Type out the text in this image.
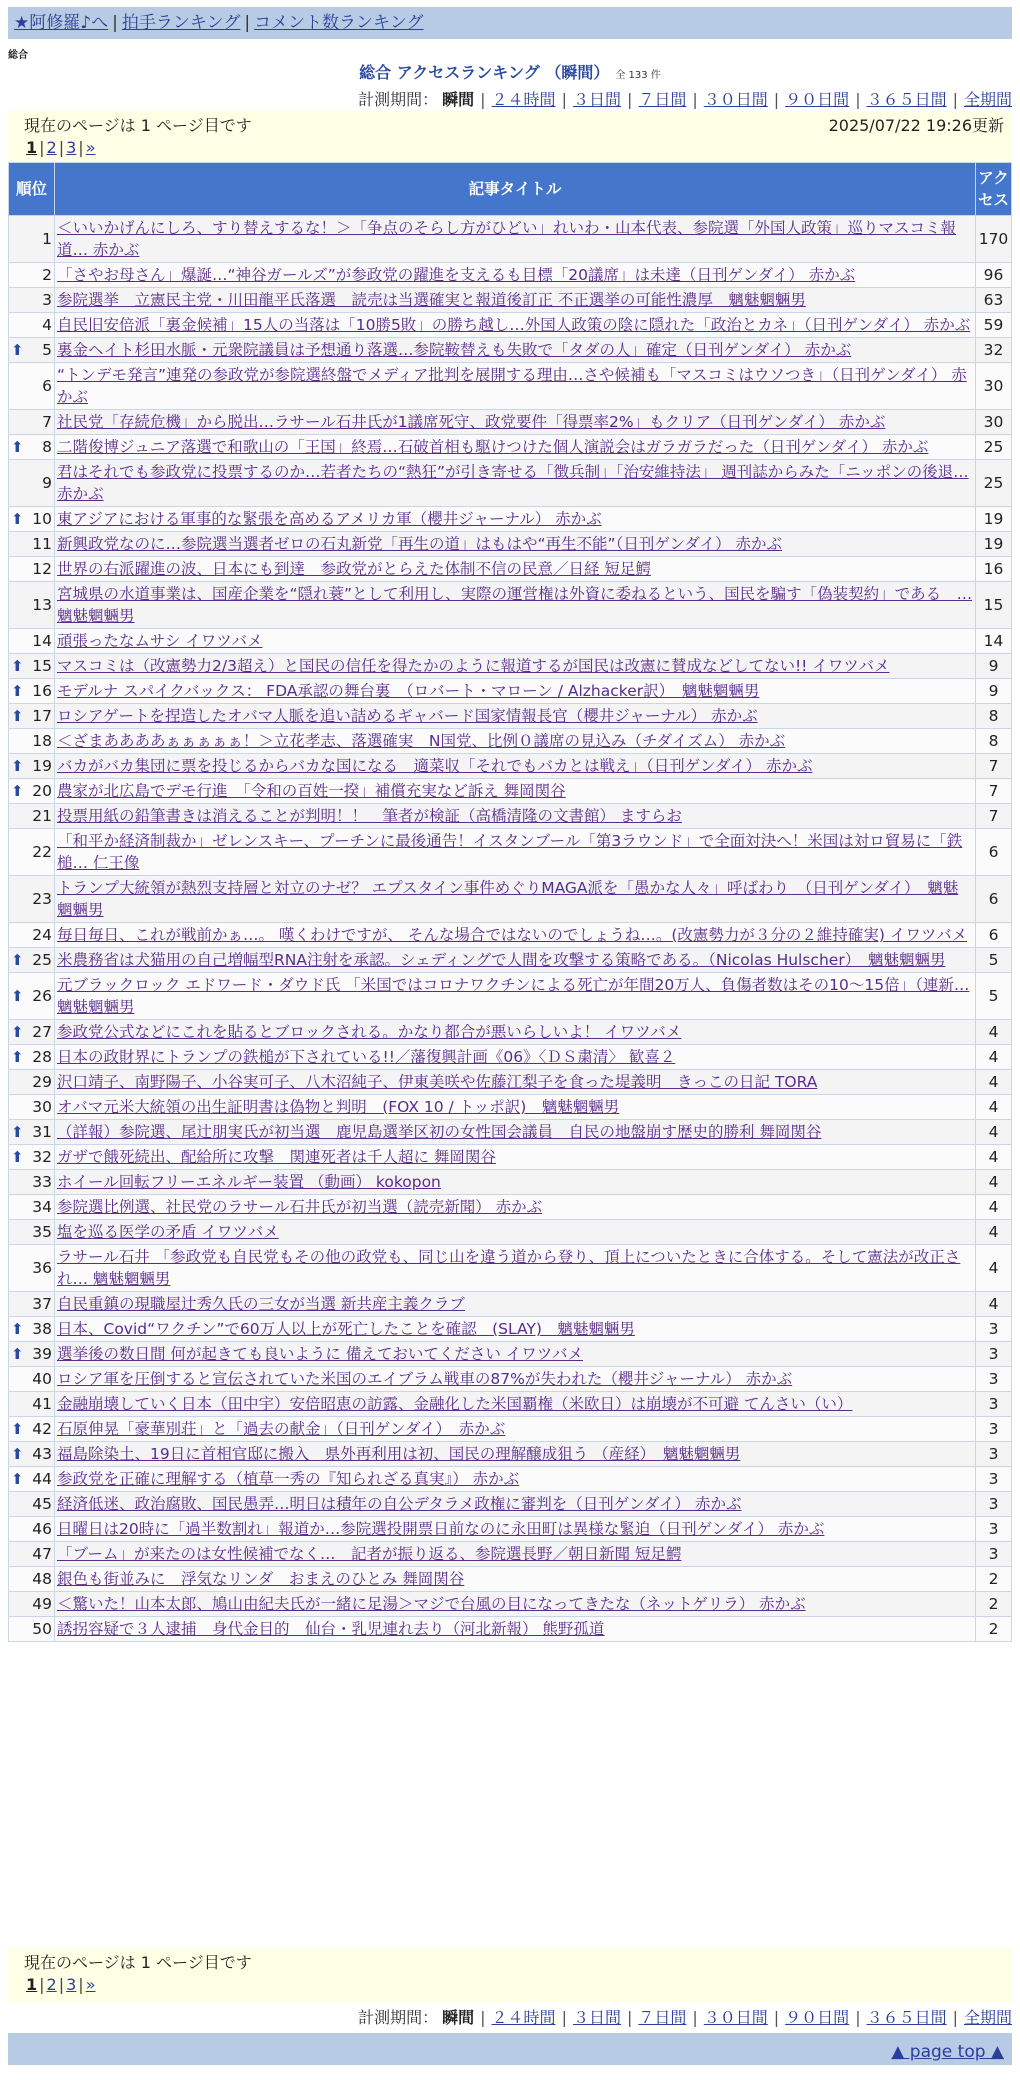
★阿修羅♪へ | 拍手ランキング | コメント数ランキング
総合
総合 アクセスランキング （瞬間） 全 133 件
計測期間： 瞬間 | ２４時間 | ３日間 | ７日間 | ３０日間 | ９０日間 | ３６５日間 | 全期間
現在のページは 1 ページ目です	2025/07/22 19:26更新
1 | 2 | 3 | »
順位	記事タイトル	アクセス
1	＜いいかげんにしろ、すり替えするな！＞「争点のそらし方がひどい」れいわ・山本代表、参院選「外国人政策」巡りマスコミ報道… 赤かぶ	170
2	「さやお母さん」爆誕…“神谷ガールズ”が参政党の躍進を支えるも目標「20議席」は未達（日刊ゲンダイ） 赤かぶ	96
3	参院選挙　立憲民主党・川田龍平氏落選　読売は当選確実と報道後訂正 不正選挙の可能性濃厚　魑魅魍魎男	63
4	自民旧安倍派「裏金候補」15人の当落は「10勝5敗」の勝ち越し…外国人政策の陰に隠れた「政治とカネ」（日刊ゲンダイ） 赤かぶ	59

⬆ 5	裏金ヘイト杉田水脈・元衆院議員は予想通り落選…参院鞍替えも失敗で「タダの人」確定（日刊ゲンダイ） 赤かぶ	32
6	“トンデモ発言”連発の参政党が参院選終盤でメディア批判を展開する理由…さや候補も「マスコミはウソつき」（日刊ゲンダイ） 赤かぶ	30
7	社民党「存続危機」から脱出…ラサール石井氏が1議席死守、政党要件「得票率2%」もクリア（日刊ゲンダイ） 赤かぶ	30

⬆ 8	二階俊博ジュニア落選で和歌山の「王国」終焉…石破首相も駆けつけた個人演説会はガラガラだった（日刊ゲンダイ） 赤かぶ	25
9	君はそれでも参政党に投票するのか…若者たちの“熱狂”が引き寄せる「徴兵制」「治安維持法」 週刊誌からみた「ニッポンの後退… 赤かぶ	25

⬆ 10	東アジアにおける軍事的な緊張を高めるアメリカ軍（櫻井ジャーナル） 赤かぶ	19
11	新興政党なのに…参院選当選者ゼロの石丸新党「再生の道」はもはや“再生不能”（日刊ゲンダイ） 赤かぶ	19
12	世界の右派躍進の波、日本にも到達　参政党がとらえた体制不信の民意／日経 短足鰐	16
13	宮城県の水道事業は、国産企業を“隠れ蓑”として利用し、実際の運営権は外資に委ねるという、国民を騙す「偽装契約」である　… 魑魅魍魎男	15
14	頑張ったなムサシ イワツバメ	14

⬆ 15	マスコミは（改憲勢力2/3超え）と国民の信任を得たかのように報道するが国民は改憲に賛成などしてない!! イワツバメ	9

⬆ 16	モデルナ スパイクバックス： FDA承認の舞台裏　（ロバート・マローン / Alzhacker訳）　魑魅魍魎男	9

⬆ 17	ロシアゲートを捏造したオバマ人脈を追い詰めるギャバード国家情報長官（櫻井ジャーナル） 赤かぶ	8
18	＜ざまああああぁぁぁぁぁ！＞立花孝志、落選確実　N国党、比例０議席の見込み（チダイズム） 赤かぶ	8

⬆ 19	バカがバカ集団に票を投じるからバカな国になる　適菜収「それでもバカとは戦え」（日刊ゲンダイ） 赤かぶ	7

⬆ 20	農家が北広島でデモ行進　「令和の百姓一揆」補償充実など訴え 舞岡関谷	7
21	投票用紙の鉛筆書きは消えることが判明！！　筆者が検証（高橋清隆の文書館） ますらお	7
22	「和平か経済制裁か」ゼレンスキー、プーチンに最後通告！イスタンブール「第3ラウンド」で全面対決へ！米国は対ロ貿易に「鉄槌… 仁王像	6
23	トランプ大統領が熱烈支持層と対立のナゼ？ エプスタイン事件めぐりMAGA派を「愚かな人々」呼ばわり　（日刊ゲンダイ）　魑魅魍魎男	6
24	毎日毎日、これが戦前かぁ…。 嘆くわけですが、 そんな場合ではないのでしょうね…。(改憲勢力が３分の２維持確実) イワツバメ	6

⬆ 25	米農務省は犬猫用の自己増幅型RNA注射を承認。シェディングで人間を攻撃する策略である。（Nicolas Hulscher）　魑魅魍魎男	5

⬆ 26	元ブラックロック エドワード・ダウド氏 「米国ではコロナワクチンによる死亡が年間20万人、負傷者数はその10～15倍」（連新… 魑魅魍魎男	5

⬆ 27	参政党公式などにこれを貼るとブロックされる。かなり都合が悪いらしいよ！ イワツバメ	4

⬆ 28	日本の政財界にトランプの鉄槌が下されている!!／藩復興計画《06》〈ＤＳ粛清〉 歓喜２	4
29	沢口靖子、南野陽子、小谷実可子、八木沼純子、伊東美咲や佐藤江梨子を食った堤義明　きっこの日記 TORA	4
30	オバマ元米大統領の出生証明書は偽物と判明　(FOX 10 / トッポ訳)　魑魅魍魎男	4

⬆ 31	（詳報）参院選、尾辻朋実氏が初当選　鹿児島選挙区初の女性国会議員　自民の地盤崩す歴史的勝利 舞岡関谷	4

⬆ 32	ガザで餓死続出、配給所に攻撃　関連死者は千人超に 舞岡関谷	4
33	ホイール回転フリーエネルギー装置 （動画） kokopon	4
34	参院選比例選、社民党のラサール石井氏が初当選（読売新聞） 赤かぶ	4
35	塩を巡る医学の矛盾 イワツバメ	4
36	ラサール石井 「参政党も自民党もその他の政党も、同じ山を違う道から登り、頂上についたときに合体する。そして憲法が改正され… 魑魅魍魎男	4
37	自民重鎮の現職屋辻秀久氏の三女が当選 新共産主義クラブ	4

⬆ 38	日本、Covid“ワクチン”で60万人以上が死亡したことを確認　(SLAY)　魑魅魍魎男	3

⬆ 39	選挙後の数日間 何が起きても良いように 備えておいてください イワツバメ	3
40	ロシア軍を圧倒すると宣伝されていた米国のエイブラム戦車の87%が失われた（櫻井ジャーナル） 赤かぶ	3
41	金融崩壊していく日本（田中宇）安倍昭恵の訪露、金融化した米国覇権（米欧日）は崩壊が不可避 てんさい（い）	3

⬆ 42	石原伸晃「豪華別荘」と「過去の献金」（日刊ゲンダイ）　赤かぶ	3

⬆ 43	福島除染土、19日に首相官邸に搬入　県外再利用は初、国民の理解醸成狙う （産経）　魑魅魍魎男	3

⬆ 44	参政党を正確に理解する（植草一秀の『知られざる真実』） 赤かぶ	3
45	経済低迷、政治腐敗、国民愚弄…明日は積年の自公デタラメ政権に審判を（日刊ゲンダイ） 赤かぶ	3
46	日曜日は20時に「過半数割れ」報道か…参院選投開票日前なのに永田町は異様な緊迫（日刊ゲンダイ） 赤かぶ	3
47	「ブーム」が来たのは女性候補でなく…　記者が振り返る、参院選長野／朝日新聞 短足鰐	3
48	銀色も街並みに　浮気なリンダ　おまえのひとみ 舞岡関谷	2
49	＜驚いた！山本太郎、鳩山由紀夫氏が一緒に足湯＞マジで台風の目になってきたな（ネットゲリラ） 赤かぶ	2
50	誘拐容疑で３人逮捕　身代金目的　仙台・乳児連れ去り（河北新報） 熊野孤道	2
現在のページは 1 ページ目です
1 | 2 | 3 | »
計測期間： 瞬間 | ２４時間 | ３日間 | ７日間 | ３０日間 | ９０日間 | ３６５日間 | 全期間
▲ page top ▲
